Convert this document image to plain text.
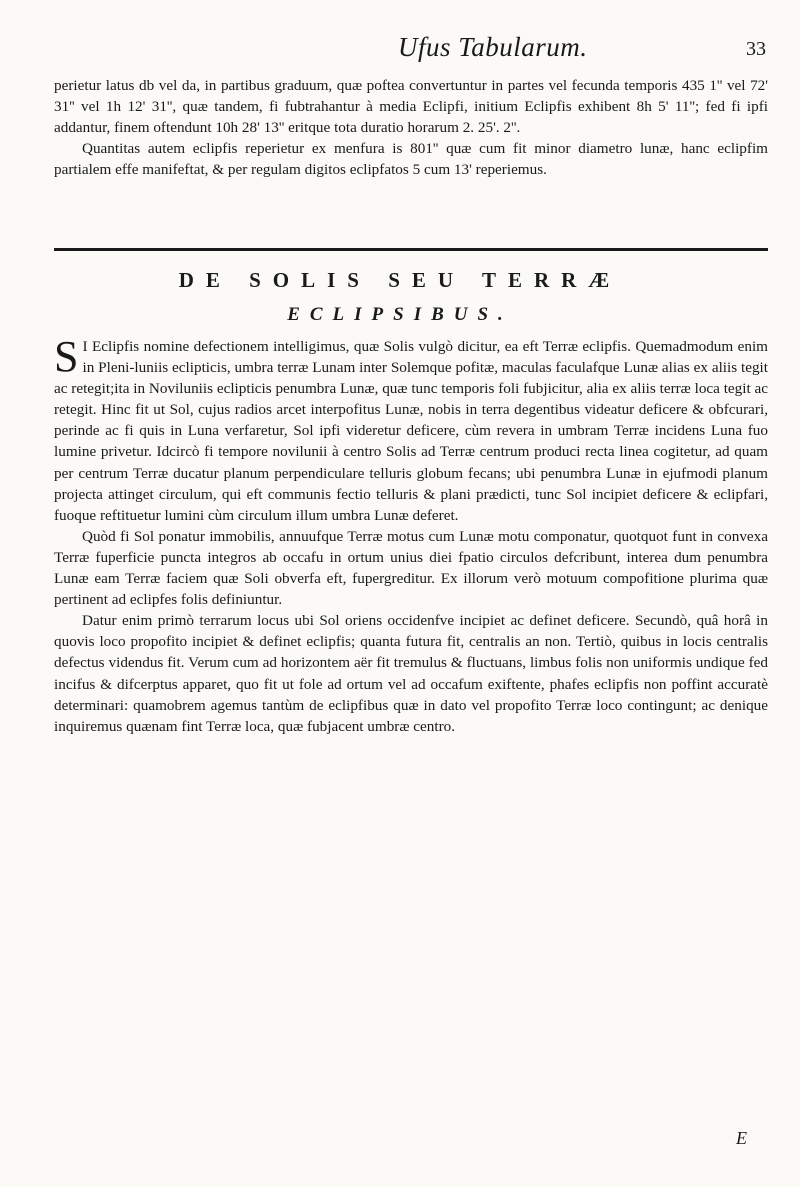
Ufus Tabularum.	33

perietur latus db vel da, in partibus graduum, quæ poftea convertuntur in partes vel fecunda temporis 435 1'' vel 72' 31'' vel 1h 12' 31'', quæ tandem, fi fubtrahantur à media Eclipfi, initium Eclipfis exhibent 8h 5' 11''; fed fi ipfi addantur, finem oftendunt 10h 28' 13'' eritque tota duratio horarum 2. 25'. 2''.

Quantitas autem eclipfis reperietur ex menfura is 801'' quæ cum fit minor diametro lunæ, hanc eclipfim partialem effe manifeftat, & per regulam digitos eclipfatos 5 cum 13' reperiemus.

DE SOLIS SEU TERRÆ
ECLIPSIBUS.

S I Eclipfis nomine defectionem intelligimus, quæ Solis vulgò dicitur, ea eft Terræ eclipfis. Quemadmodum enim in Pleni-luniis eclipticis, umbra terræ Lunam inter Solemque pofitæ, maculas faculafque Lunæ alias ex aliis tegit ac retegit;ita in Noviluniis eclipticis penumbra Lunæ, quæ tunc temporis foli fubjicitur, alia ex aliis terræ loca tegit ac retegit. Hinc fit ut Sol, cujus radios arcet interpofitus Lunæ, nobis in terra degentibus videatur deficere & obfcurari, perinde ac fi quis in Luna verfaretur, Sol ipfi videretur deficere, cùm revera in umbram Terræ incidens Luna fuo lumine privetur. Idcircò fi tempore novilunii à centro Solis ad Terræ centrum produci recta linea cogitetur, ad quam per centrum Terræ ducatur planum perpendiculare telluris globum fecans; ubi penumbra Lunæ in ejufmodi planum projecta attinget circulum, qui eft communis fectio telluris & plani prædicti, tunc Sol incipiet deficere & eclipfari, fuoque reftituetur lumini cùm circulum illum umbra Lunæ deferet.

Quòd fi Sol ponatur immobilis, annuufque Terræ motus cum Lunæ motu componatur, quotquot funt in convexa Terræ fuperficie puncta integros ab occafu in ortum unius diei fpatio circulos defcribunt, interea dum penumbra Lunæ eam Terræ faciem quæ Soli obverfa eft, fupergreditur. Ex illorum verò motuum compofitione plurima quæ pertinent ad eclipfes folis definiuntur.

Datur enim primò terrarum locus ubi Sol oriens occidenfve incipiet ac definet deficere. Secundò, quâ horâ in quovis loco propofito incipiet & definet eclipfis; quanta futura fit, centralis an non. Tertiò, quibus in locis centralis defectus videndus fit. Verum cum ad horizontem aër fit tremulus & fluctuans, limbus folis non uniformis undique fed incifus & difcerptus apparet, quo fit ut fole ad ortum vel ad occafum exiftente, phafes eclipfis non poffint accuratè determinari: quamobrem agemus tantùm de eclipfibus quæ in dato vel propofito Terræ loco contingunt; ac denique inquiremus quænam fint Terræ loca, quæ fubjacent umbræ centro.

E
